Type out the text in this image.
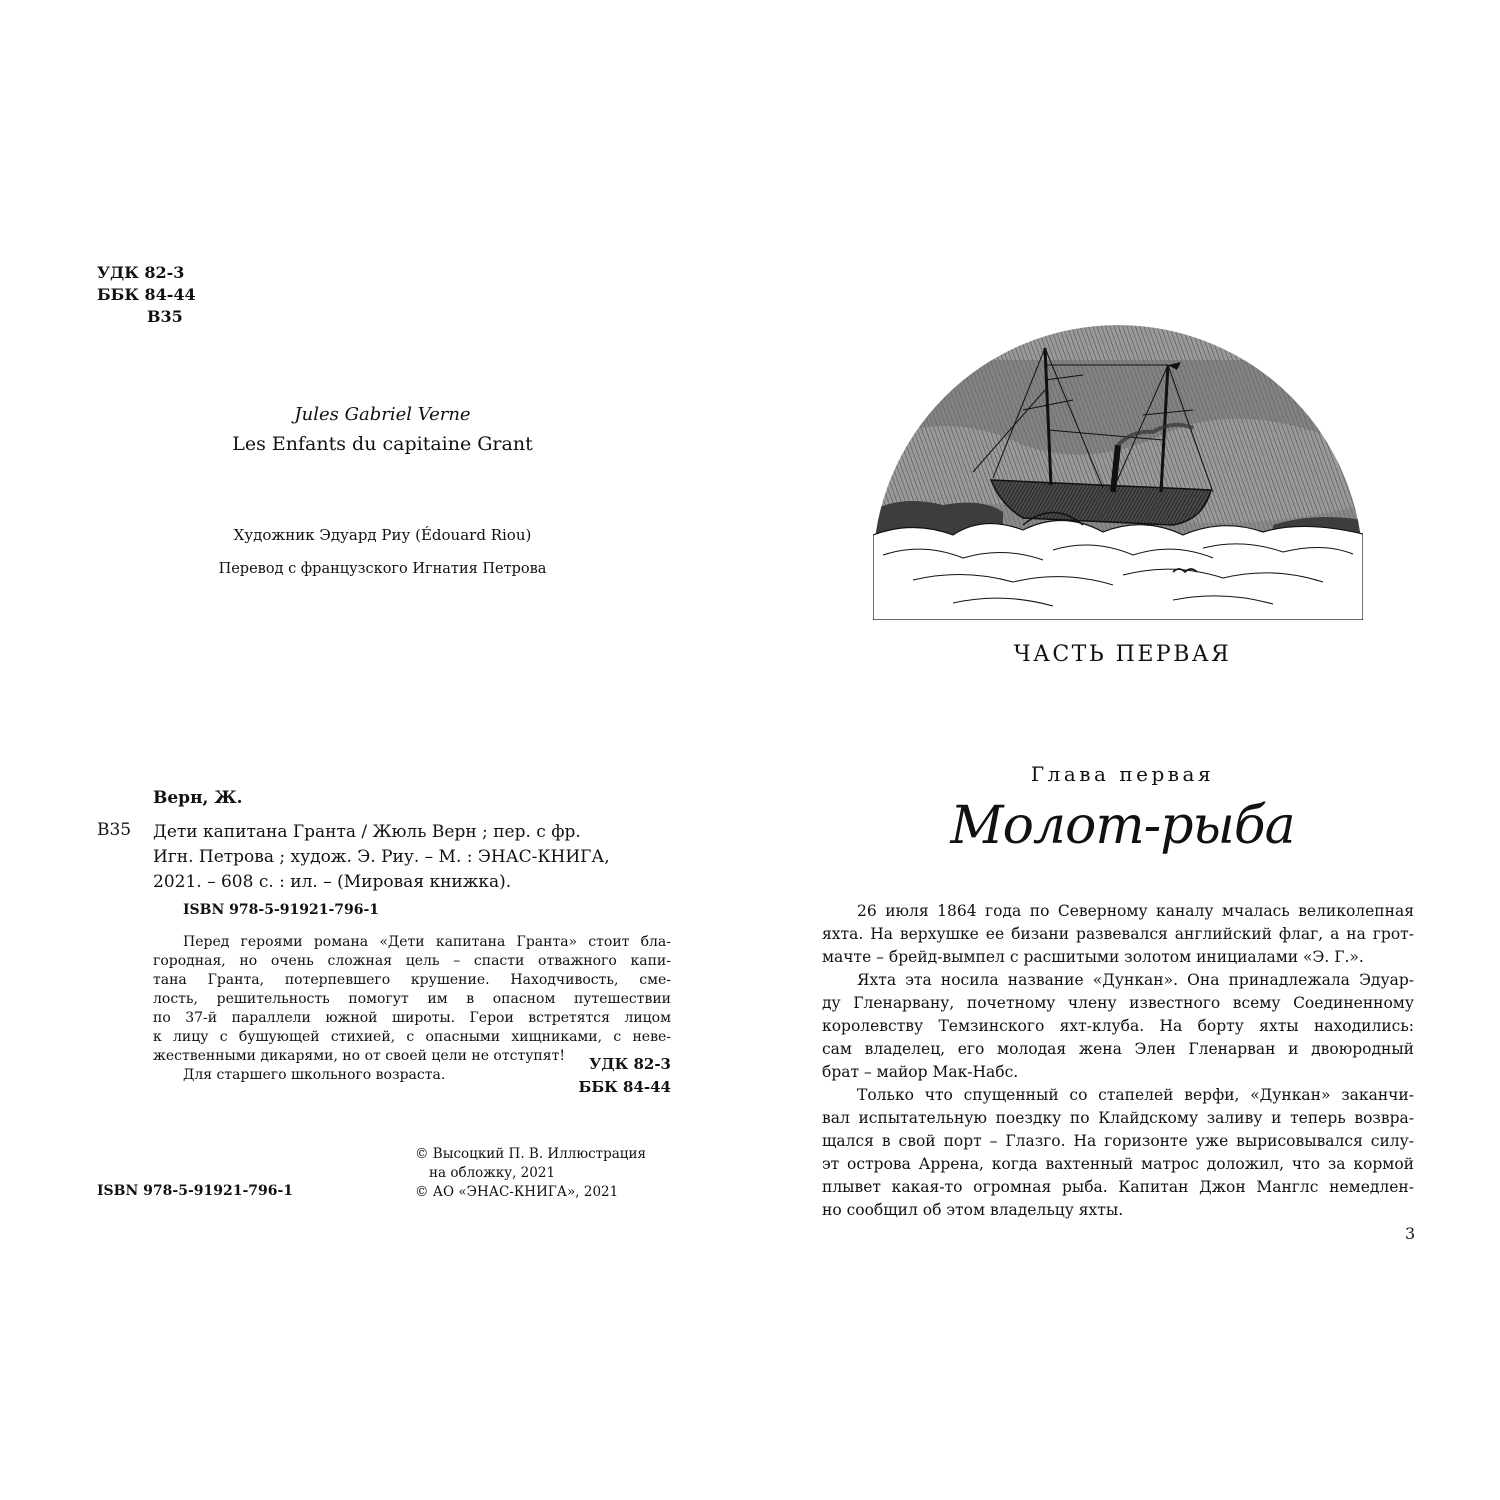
УДК 82-3
ББК 84-44
В35
Jules Gabriel Verne
Les Enfants du capitaine Grant
Художник Эдуард Риу (Édouard Riou)
Перевод с французского Игнатия Петрова
Верн, Ж.
В35 Дети капитана Гранта / Жюль Верн ; пер. с фр.
Игн. Петрова ; худож. Э. Риу. – М. : ЭНАС-КНИГА,
2021. – 608 с. : ил. – (Мировая книжка).
ISBN 978-5-91921-796-1
Перед героями романа «Дети капитана Гранта» стоит бла-
городная, но очень сложная цель – спасти отважного капи-
тана Гранта, потерпевшего крушение. Находчивость, сме-
лость, решительность помогут им в опасном путешествии
по 37-й параллели южной широты. Герои встретятся лицом
к лицу с бушующей стихией, с опасными хищниками, с неве-
жественными дикарями, но от своей цели не отступят!
Для старшего школьного возраста.
УДК 82-3
ББК 84-44
© Высоцкий П. В. Иллюстрация
на обложку, 2021
© АО «ЭНАС-КНИГА», 2021
ISBN 978-5-91921-796-1
ЧАСТЬ ПЕРВАЯ
Глава первая
Молот-рыба
26 июля 1864 года по Северному каналу мчалась великолепная
яхта. На верхушке ее бизани развевался английский флаг, а на грот-
мачте – брейд-вымпел с расшитыми золотом инициалами «Э. Г.».
Яхта эта носила название «Дункан». Она принадлежала Эдуар-
ду Гленарвану, почетному члену известного всему Соединенному
королевству Темзинского яхт-клуба. На борту яхты находились:
сам владелец, его молодая жена Элен Гленарван и двоюродный
брат – майор Мак-Набс.
Только что спущенный со стапелей верфи, «Дункан» заканчи-
вал испытательную поездку по Клайдскому заливу и теперь возвра-
щался в свой порт – Глазго. На горизонте уже вырисовывался силу-
эт острова Аррена, когда вахтенный матрос доложил, что за кормой
плывет какая-то огромная рыба. Капитан Джон Манглс немедлен-
но сообщил об этом владельцу яхты.
3
